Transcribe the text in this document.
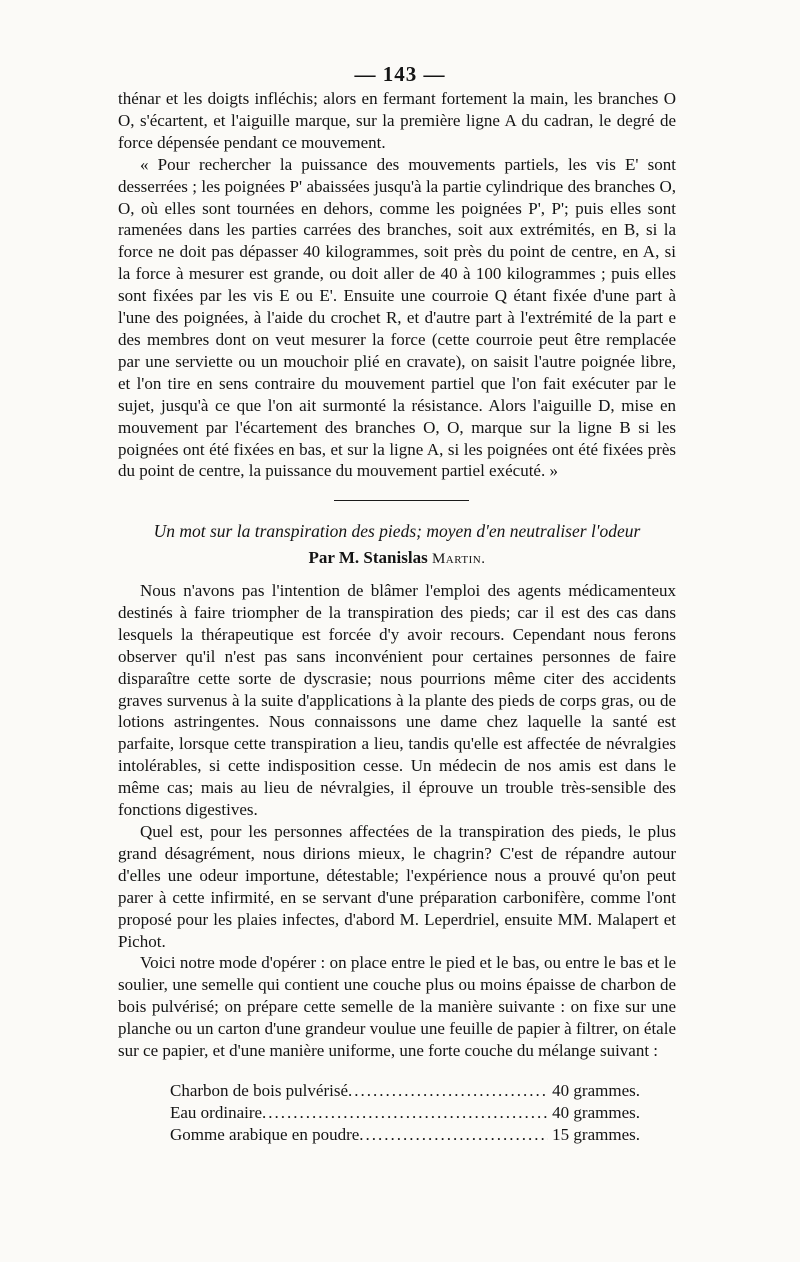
— 143 —

thénar et les doigts infléchis; alors en fermant fortement la main, les branches O O, s'écartent, et l'aiguille marque, sur la première ligne A du cadran, le degré de force dépensée pendant ce mouvement.

« Pour rechercher la puissance des mouvements partiels, les vis E' sont desserrées ; les poignées P' abaissées jusqu'à la partie cylindrique des branches O, O, où elles sont tournées en dehors, comme les poignées P', P'; puis elles sont ramenées dans les parties carrées des branches, soit aux extrémités, en B, si la force ne doit pas dépasser 40 kilogrammes, soit près du point de centre, en A, si la force à mesurer est grande, ou doit aller de 40 à 100 kilogrammes ; puis elles sont fixées par les vis E ou E'. Ensuite une courroie Q étant fixée d'une part à l'une des poignées, à l'aide du crochet R, et d'autre part à l'extrémité de la part e des membres dont on veut mesurer la force (cette courroie peut être remplacée par une serviette ou un mouchoir plié en cravate), on saisit l'autre poignée libre, et l'on tire en sens contraire du mouvement partiel que l'on fait exécuter par le sujet, jusqu'à ce que l'on ait surmonté la résistance. Alors l'aiguille D, mise en mouvement par l'écartement des branches O, O, marque sur la ligne B si les poignées ont été fixées en bas, et sur la ligne A, si les poignées ont été fixées près du point de centre, la puissance du mouvement partiel exécuté. »

Un mot sur la transpiration des pieds; moyen d'en neutraliser l'odeur
Par M. Stanislas Martin.

Nous n'avons pas l'intention de blâmer l'emploi des agents médicamenteux destinés à faire triompher de la transpiration des pieds; car il est des cas dans lesquels la thérapeutique est forcée d'y avoir recours. Cependant nous ferons observer qu'il n'est pas sans inconvénient pour certaines personnes de faire disparaître cette sorte de dyscrasie; nous pourrions même citer des accidents graves survenus à la suite d'applications à la plante des pieds de corps gras, ou de lotions astringentes. Nous connaissons une dame chez laquelle la santé est parfaite, lorsque cette transpiration a lieu, tandis qu'elle est affectée de névralgies intolérables, si cette indisposition cesse. Un médecin de nos amis est dans le même cas; mais au lieu de névralgies, il éprouve un trouble très-sensible des fonctions digestives.

Quel est, pour les personnes affectées de la transpiration des pieds, le plus grand désagrément, nous dirions mieux, le chagrin? C'est de répandre autour d'elles une odeur importune, détestable; l'expérience nous a prouvé qu'on peut parer à cette infirmité, en se servant d'une préparation carbonifère, comme l'ont proposé pour les plaies infectes, d'abord M. Leperdriel, ensuite MM. Malapert et Pichot.

Voici notre mode d'opérer : on place entre le pied et le bas, ou entre le bas et le soulier, une semelle qui contient une couche plus ou moins épaisse de charbon de bois pulvérisé; on prépare cette semelle de la manière suivante : on fixe sur une planche ou un carton d'une grandeur voulue une feuille de papier à filtrer, on étale sur ce papier, et d'une manière uniforme, une forte couche du mélange suivant :

Charbon de bois pulvérisé .....	40 grammes.
Eau ordinaire .....	40 grammes.
Gomme arabique en poudre .....	15 grammes.
